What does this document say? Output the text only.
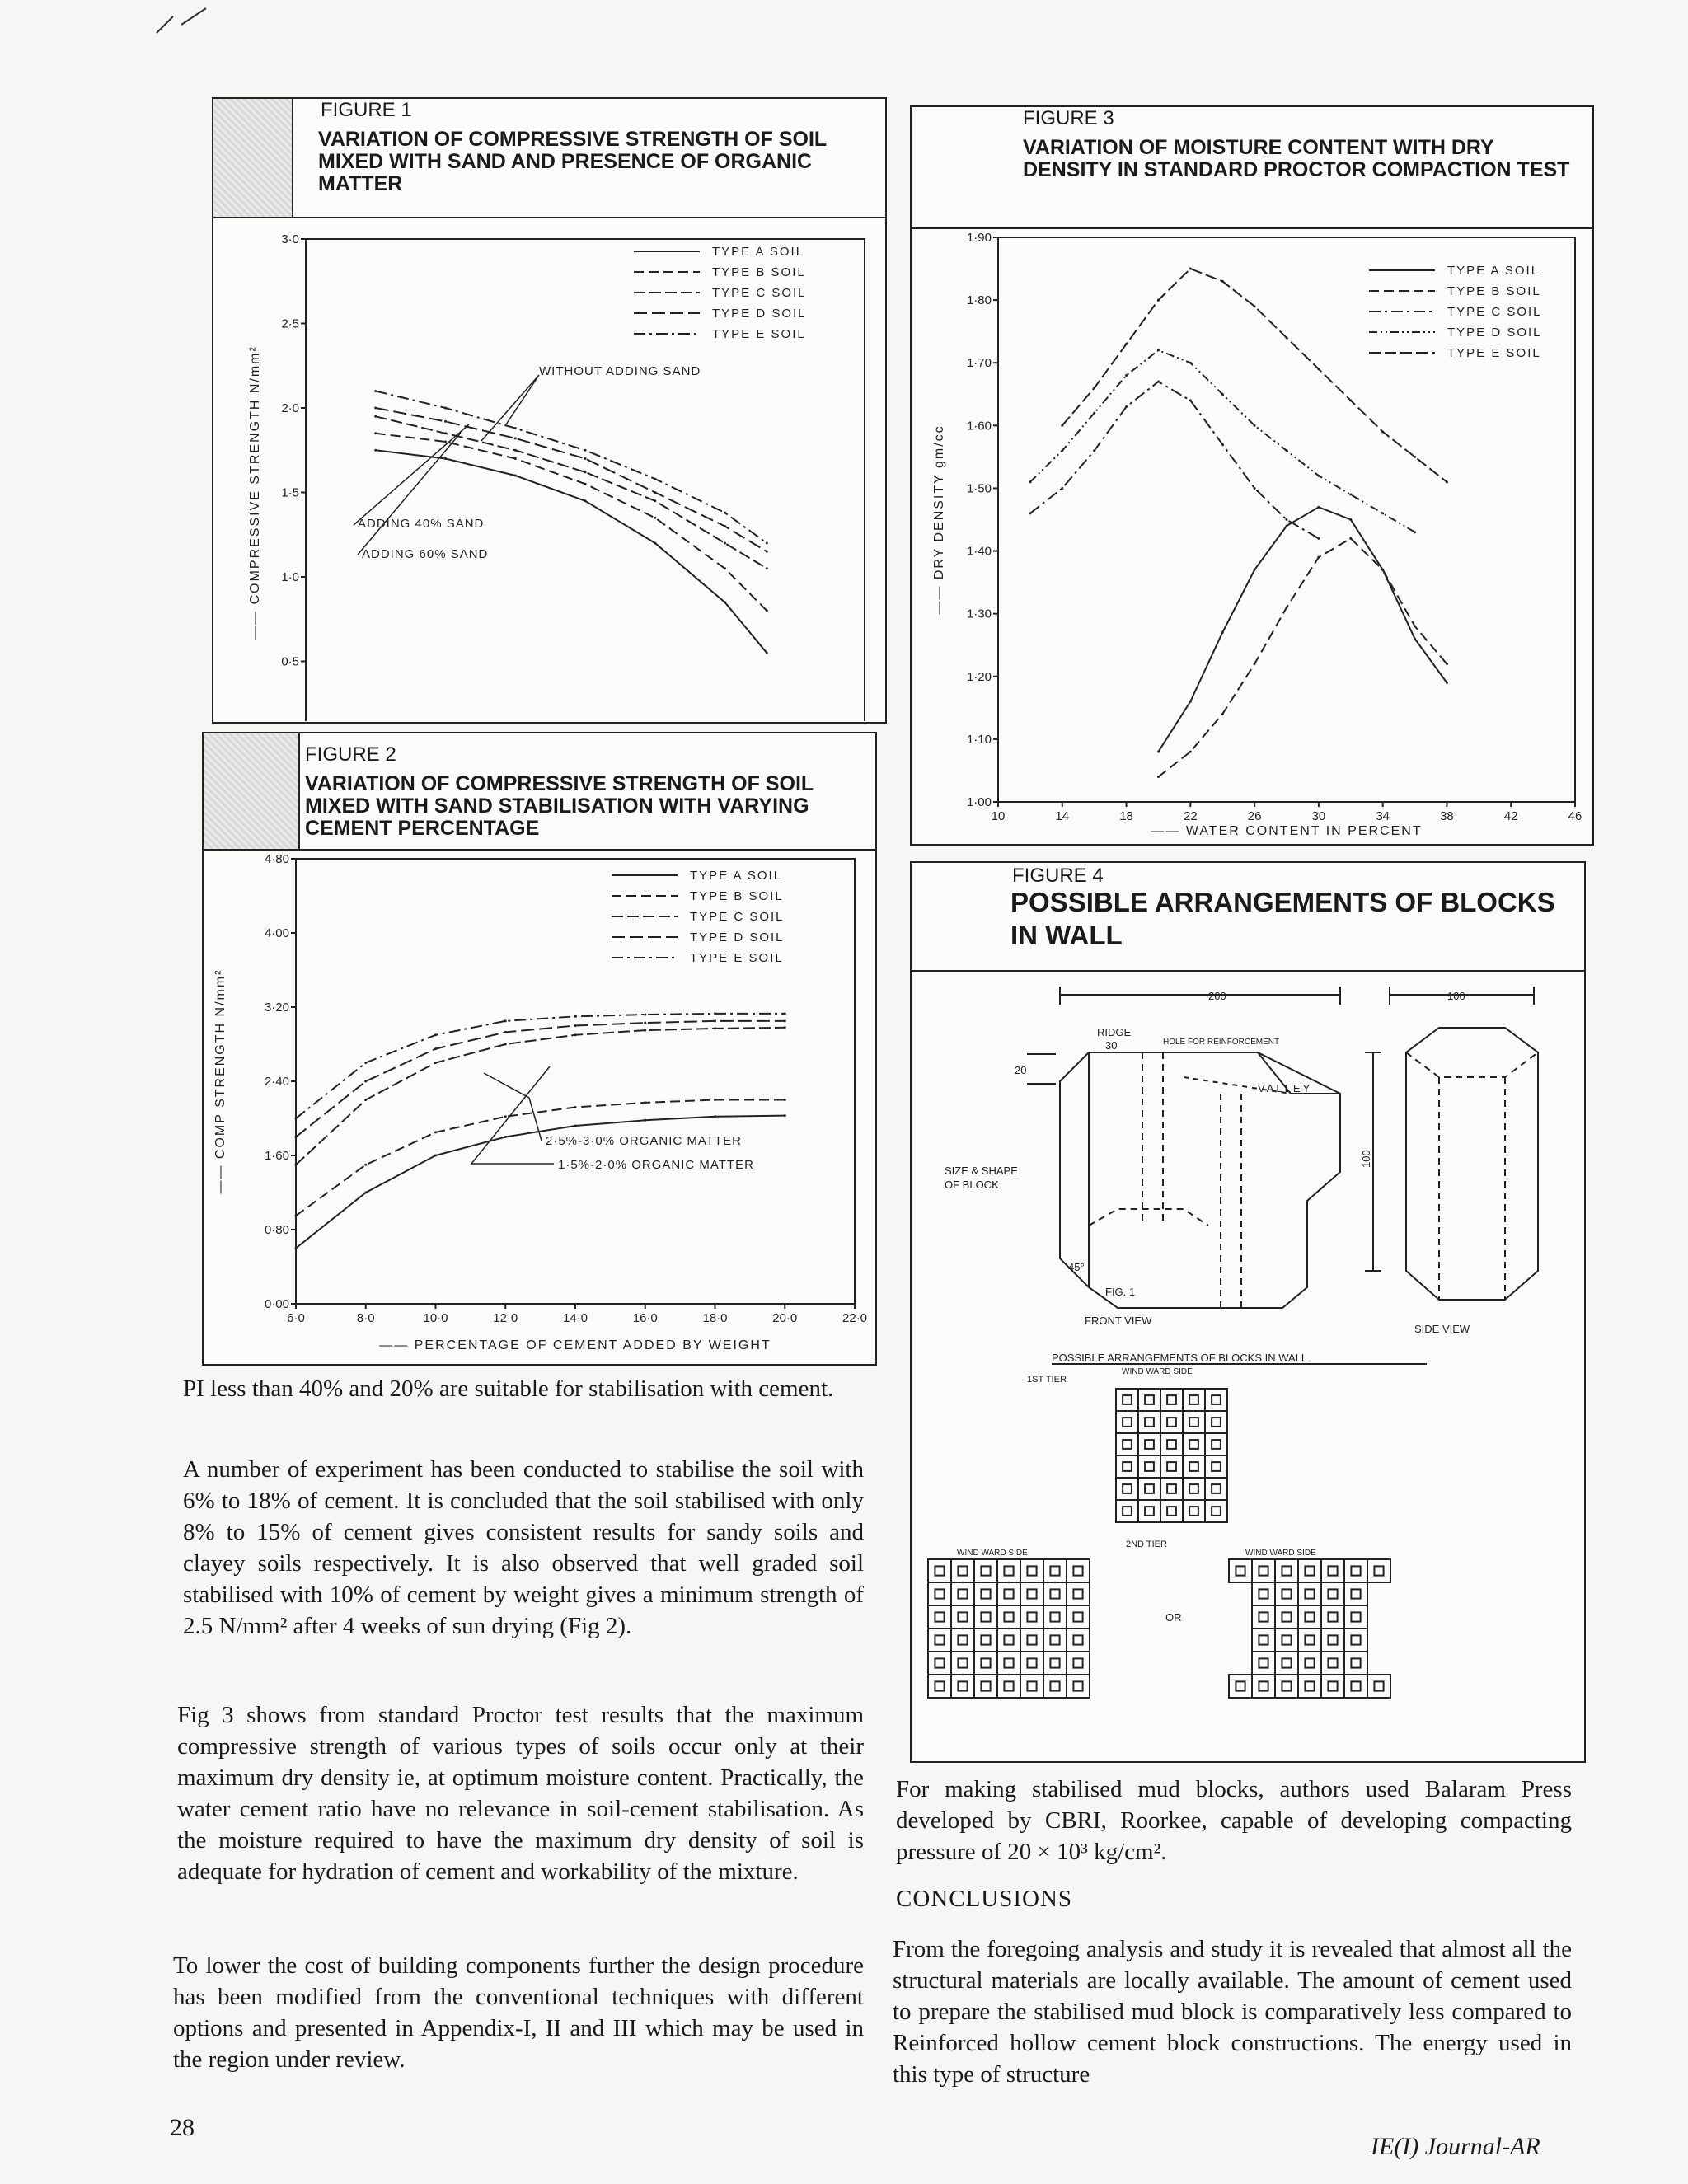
FIGURE 1
VARIATION OF COMPRESSIVE STRENGTH OF SOIL MIXED WITH SAND AND PRESENCE OF ORGANIC MATTER
0·5
1·0
1·5
2·0
2·5
3·0
—— COMPRESSIVE STRENGTH N/mm²
TYPE A SOIL
TYPE B SOIL
TYPE C SOIL
TYPE D SOIL
TYPE E SOIL
WITHOUT ADDING SAND
ADDING 40% SAND
ADDING 60% SAND
FIGURE 2
VARIATION OF COMPRESSIVE STRENGTH OF SOIL MIXED WITH SAND STABILISATION WITH VARYING CEMENT PERCENTAGE
6·0	8·0	10·0	12·0	14·0	16·0	18·0	20·0	22·0
0·00
0·80
1·60
2·40
3·20
4·00
4·80
—— PERCENTAGE OF CEMENT ADDED BY WEIGHT
—— COMP STRENGTH N/mm²
TYPE A SOIL
TYPE B SOIL
TYPE C SOIL
TYPE D SOIL
TYPE E SOIL
2·5%-3·0% ORGANIC MATTER
1·5%-2·0% ORGANIC MATTER
FIGURE 3
VARIATION OF MOISTURE CONTENT WITH DRY DENSITY IN STANDARD PROCTOR COMPACTION TEST
10	14	18	22	26	30	34	38	42	46
1·00
1·10
1·20
1·30
1·40
1·50
1·60
1·70
1·80
1·90
—— WATER CONTENT IN PERCENT
—— DRY DENSITY gm/cc
TYPE A SOIL
TYPE B SOIL
TYPE C SOIL
TYPE D SOIL
TYPE E SOIL
FIGURE 4
POSSIBLE ARRANGEMENTS OF BLOCKS
IN WALL
200	100
RIDGE
30	HOLE FOR REINFORCEMENT
VALLEY
20
100
45°
FIG. 1
FRONT VIEW
SIDE VIEW
POSSIBLE ARRANGEMENTS OF BLOCKS IN WALL
1ST TIER
WIND WARD SIDE
2ND TIER
WIND WARD SIDE	WIND WARD SIDE
OR
SIZE & SHAPE OF BLOCK
PI less than 40% and 20% are suitable for stabilisation with cement.
A number of experiment has been conducted to stabilise the soil with 6% to 18% of cement. It is concluded that the soil stabilised with only 8% to 15% of cement gives consistent results for sandy soils and clayey soils respectively. It is also observed that well graded soil stabilised with 10% of cement by weight gives a minimum strength of 2.5 N/mm² after 4 weeks of sun drying (Fig 2).
Fig 3 shows from standard Proctor test results that the maximum compressive strength of various types of soils occur only at their maximum dry density ie, at optimum moisture content. Practically, the water cement ratio have no relevance in soil-cement stabilisation. As the moisture required to have the maximum dry density of soil is adequate for hydration of cement and workability of the mixture.
To lower the cost of building components further the design procedure has been modified from the conventional techniques with different options and presented in Appendix-I, II and III which may be used in the region under review.
For making stabilised mud blocks, authors used Balaram Press developed by CBRI, Roorkee, capable of developing compacting pressure of 20 × 10³ kg/cm².
CONCLUSIONS
From the foregoing analysis and study it is revealed that almost all the structural materials are locally available. The amount of cement used to prepare the stabilised mud block is comparatively less compared to Reinforced hollow cement block constructions. The energy used in this type of structure
28
IE(I) Journal-AR
